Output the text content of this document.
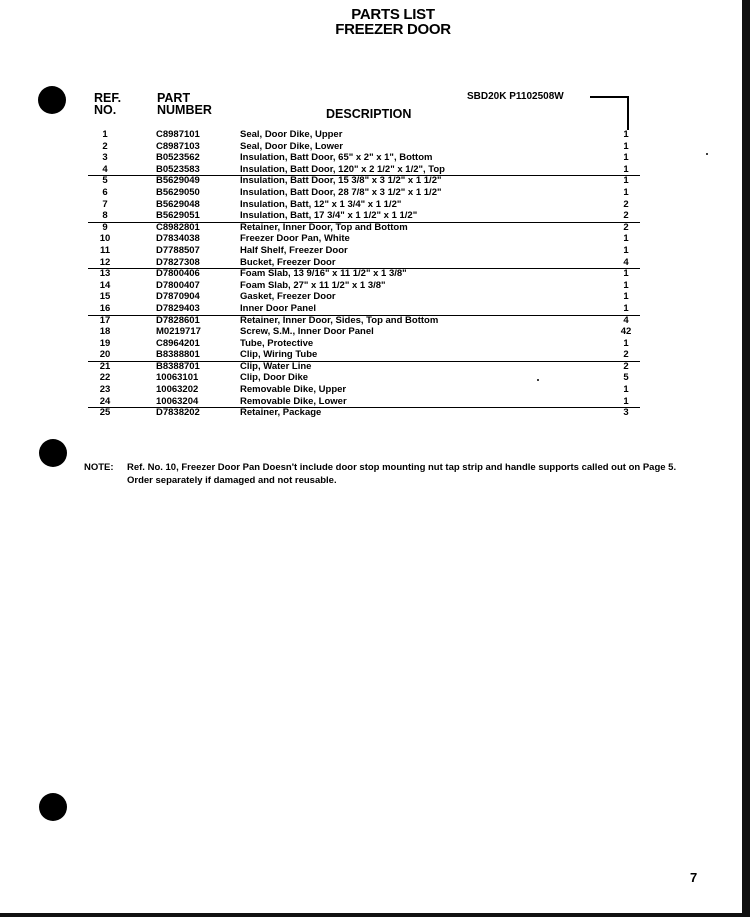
PARTS LIST
FREEZER DOOR
REF.
NO.
PART
NUMBER	DESCRIPTION
SBD20K P1102508W
1	C8987101	Seal, Door Dike, Upper	1
2	C8987103	Seal, Door Dike, Lower	1
3	B0523562	Insulation, Batt Door, 65" x 2" x 1", Bottom	1
4	B0523583	Insulation, Batt Door, 120" x 2 1/2" x 1/2", Top	1
5	B5629049	Insulation, Batt Door, 15 3/8" x 3 1/2" x 1 1/2"	1
6	B5629050	Insulation, Batt Door, 28 7/8" x 3 1/2" x 1 1/2"	1
7	B5629048	Insulation, Batt, 12" x 1 3/4" x 1 1/2"	2
8	B5629051	Insulation, Batt, 17 3/4" x 1 1/2" x 1 1/2"	2
9	C8982801	Retainer, Inner Door, Top and Bottom	2
10	D7834038	Freezer Door Pan, White	1
11	D7788507	Half Shelf, Freezer Door	1
12	D7827308	Bucket, Freezer Door	4
13	D7800406	Foam Slab, 13 9/16" x 11 1/2" x 1 3/8"	1
14	D7800407	Foam Slab, 27" x 11 1/2" x 1 3/8"	1
15	D7870904	Gasket, Freezer Door	1
16	D7829403	Inner Door Panel	1
17	D7828601	Retainer, Inner Door, Sides, Top and Bottom	4
18	M0219717	Screw, S.M., Inner Door Panel	42
19	C8964201	Tube, Protective	1
20	B8388801	Clip, Wiring Tube	2
21	B8388701	Clip, Water Line	2
22	10063101	Clip, Door Dike	5
23	10063202	Removable Dike, Upper	1
24	10063204	Removable Dike, Lower	1
25	D7838202	Retainer, Package	3
NOTE: Ref. No. 10, Freezer Door Pan Doesn't include door stop mounting nut tap strip and handle supports called out on Page 5. Order separately if damaged and not reusable.
7
